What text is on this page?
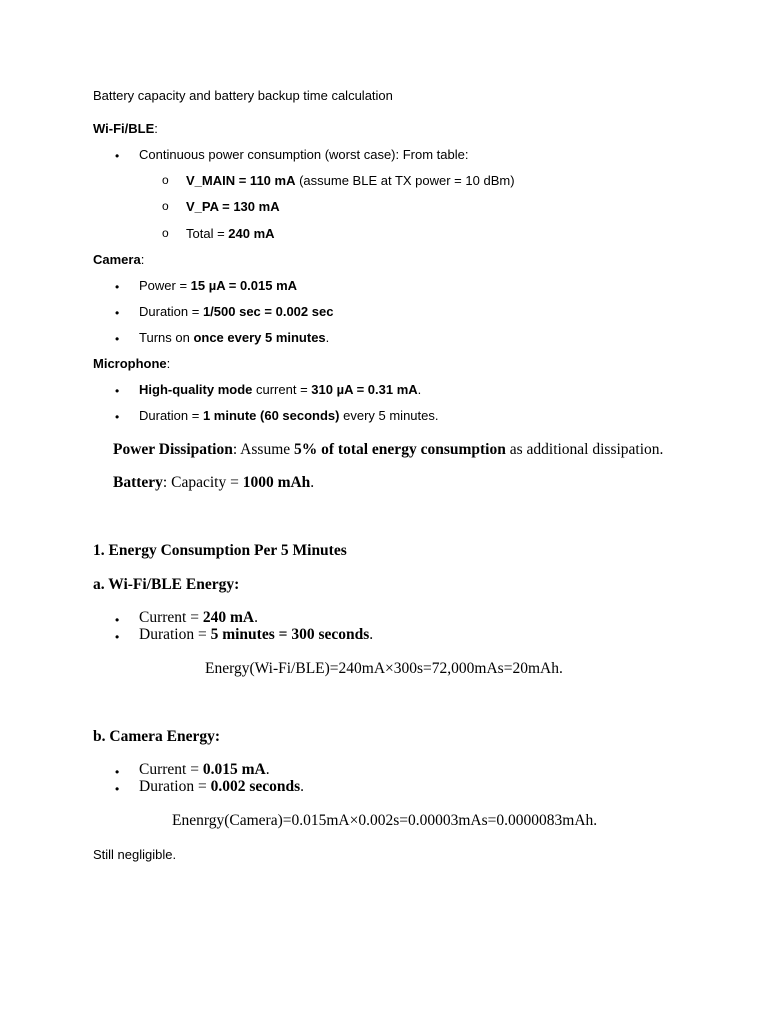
Battery capacity and battery backup time calculation
Wi-Fi/BLE:
• Continuous power consumption (worst case): From table:
o V_MAIN = 110 mA (assume BLE at TX power = 10 dBm)
o V_PA = 130 mA
o Total = 240 mA
Camera:
• Power = 15 µA = 0.015 mA
• Duration = 1/500 sec = 0.002 sec
• Turns on once every 5 minutes.
Microphone:
• High-quality mode current = 310 µA = 0.31 mA.
• Duration = 1 minute (60 seconds) every 5 minutes.
Power Dissipation: Assume 5% of total energy consumption as additional dissipation.
Battery: Capacity = 1000 mAh.
1. Energy Consumption Per 5 Minutes
a. Wi-Fi/BLE Energy:
• Current = 240 mA.
• Duration = 5 minutes = 300 seconds.
Energy(Wi-Fi/BLE)=240mA×300s=72,000mAs=20mAh.
b. Camera Energy:
• Current = 0.015 mA.
• Duration = 0.002 seconds.
Enenrgy(Camera)=0.015mA×0.002s=0.00003mAs=0.0000083mAh.
Still negligible.
